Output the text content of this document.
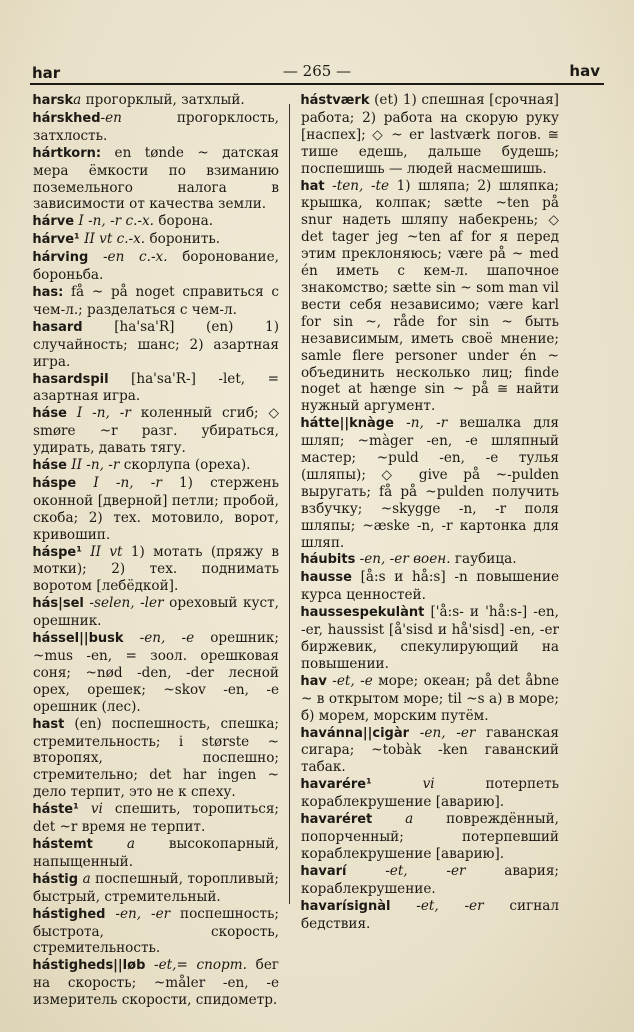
har	— 265 —	hav

harska прогорклый, затхлый.

hárskhed-en прогорклость, затхлость.

hártkorn: en tønde ~ датская мера ёмкости по взиманию поземельного налога в зависимости от качества земли.

hárve I -n, -r с.-х. борона.

hárve¹ II vt с.-х. боронить.

hárving -en с.-х. боронование, бороньба.

has: få ~ på noget справиться с чем-л.; разделаться с чем-л.

hasard [ha'sa'R] (en) 1) случайность; шанс; 2) азартная игра.

hasardspil [ha'sa'R-] -let, = азартная игра.

háse I -n, -r коленный сгиб; ◇ smøre ~r разг. убираться, удирать, давать тягу.

háse II -n, -r скорлупа (ореха).

háspe I -n, -r 1) стержень оконной [дверной] петли; пробой, скоба; 2) тех. мотовило, ворот, кривошип.

háspe¹ II vt 1) мотать (пряжу в мотки); 2) тех. поднимать воротом [лебёдкой].

hás|sel -selen, -ler ореховый куст, орешник.

hássel||busk -en, -e орешник; ~mus -en, = зоол. орешковая соня; ~nød -den, -der лесной орех, орешек; ~skov -en, -e орешник (лес).

hast (en) поспешность, спешка; стремительность; i største ~ второпях, поспешно; стремительно; det har ingen ~ дело терпит, это не к спеху.

háste¹ vi спешить, торопиться; det ~r время не терпит.

hástemt a высокопарный, напыщенный.

hástig a поспешный, торопливый; быстрый, стремительный.

hástighed -en, -er поспешность; быстрота, скорость, стремительность.

hástigheds||løb -et,= спорт. бег на скорость; ~måler -en, -e измеритель скорости, спидометр.

hástværk (et) 1) спешная [срочная] работа; 2) работа на скорую руку [наспех]; ◇ ~ er lastværk погов. ≅ тише едешь, дальше будешь; поспешишь — людей насмешишь.

hat -ten, -te 1) шляпа; 2) шляпка; крышка, колпак; sætte ~ten på snur надеть шляпу набекрень; ◇ det tager jeg ~ten af for я перед этим преклоняюсь; være på ~ med én иметь с кем-л. шапочное знакомство; sætte sin ~ som man vil вести себя независимо; være karl for sin ~, råde for sin ~ быть независимым, иметь своё мнение; samle flere personer under én ~ объединить несколько лиц; finde noget at hænge sin ~ på ≅ найти нужный аргумент.

hátte||knàge -n, -r вешалка для шляп; ~màger -en, -e шляпный мастер; ~puld -en, -e тулья (шляпы); ◇ give på ~-pulden выругать; få på ~pulden получить взбучку; ~skygge -n, -r поля шляпы; ~æske -n, -r картонка для шляп.

háubits -en, -er воен. гаубица.

hausse [å:s и hå:s] -n повышение курса ценностей.

haussespekulànt ['å:s- и 'hå:s-] -en, -er, haussist [å'sisd и hå'sisd] -en, -er биржевик, спекулирующий на повышении.

hav -et, -e море; океан; på det åbne ~ в открытом море; til ~s а) в море; б) морем, морским путём.

havánna||cigàr -en, -er гаванская сигара; ~tobàk -ken гаванский табак.

havarére¹ vi потерпеть кораблекрушение [аварию].

havaréret a повреждённый, попорченный; потерпевший кораблекрушение [аварию].

havarí -et, -er авария; кораблекрушение.

havarísignàl -et, -er сигнал бедствия.
